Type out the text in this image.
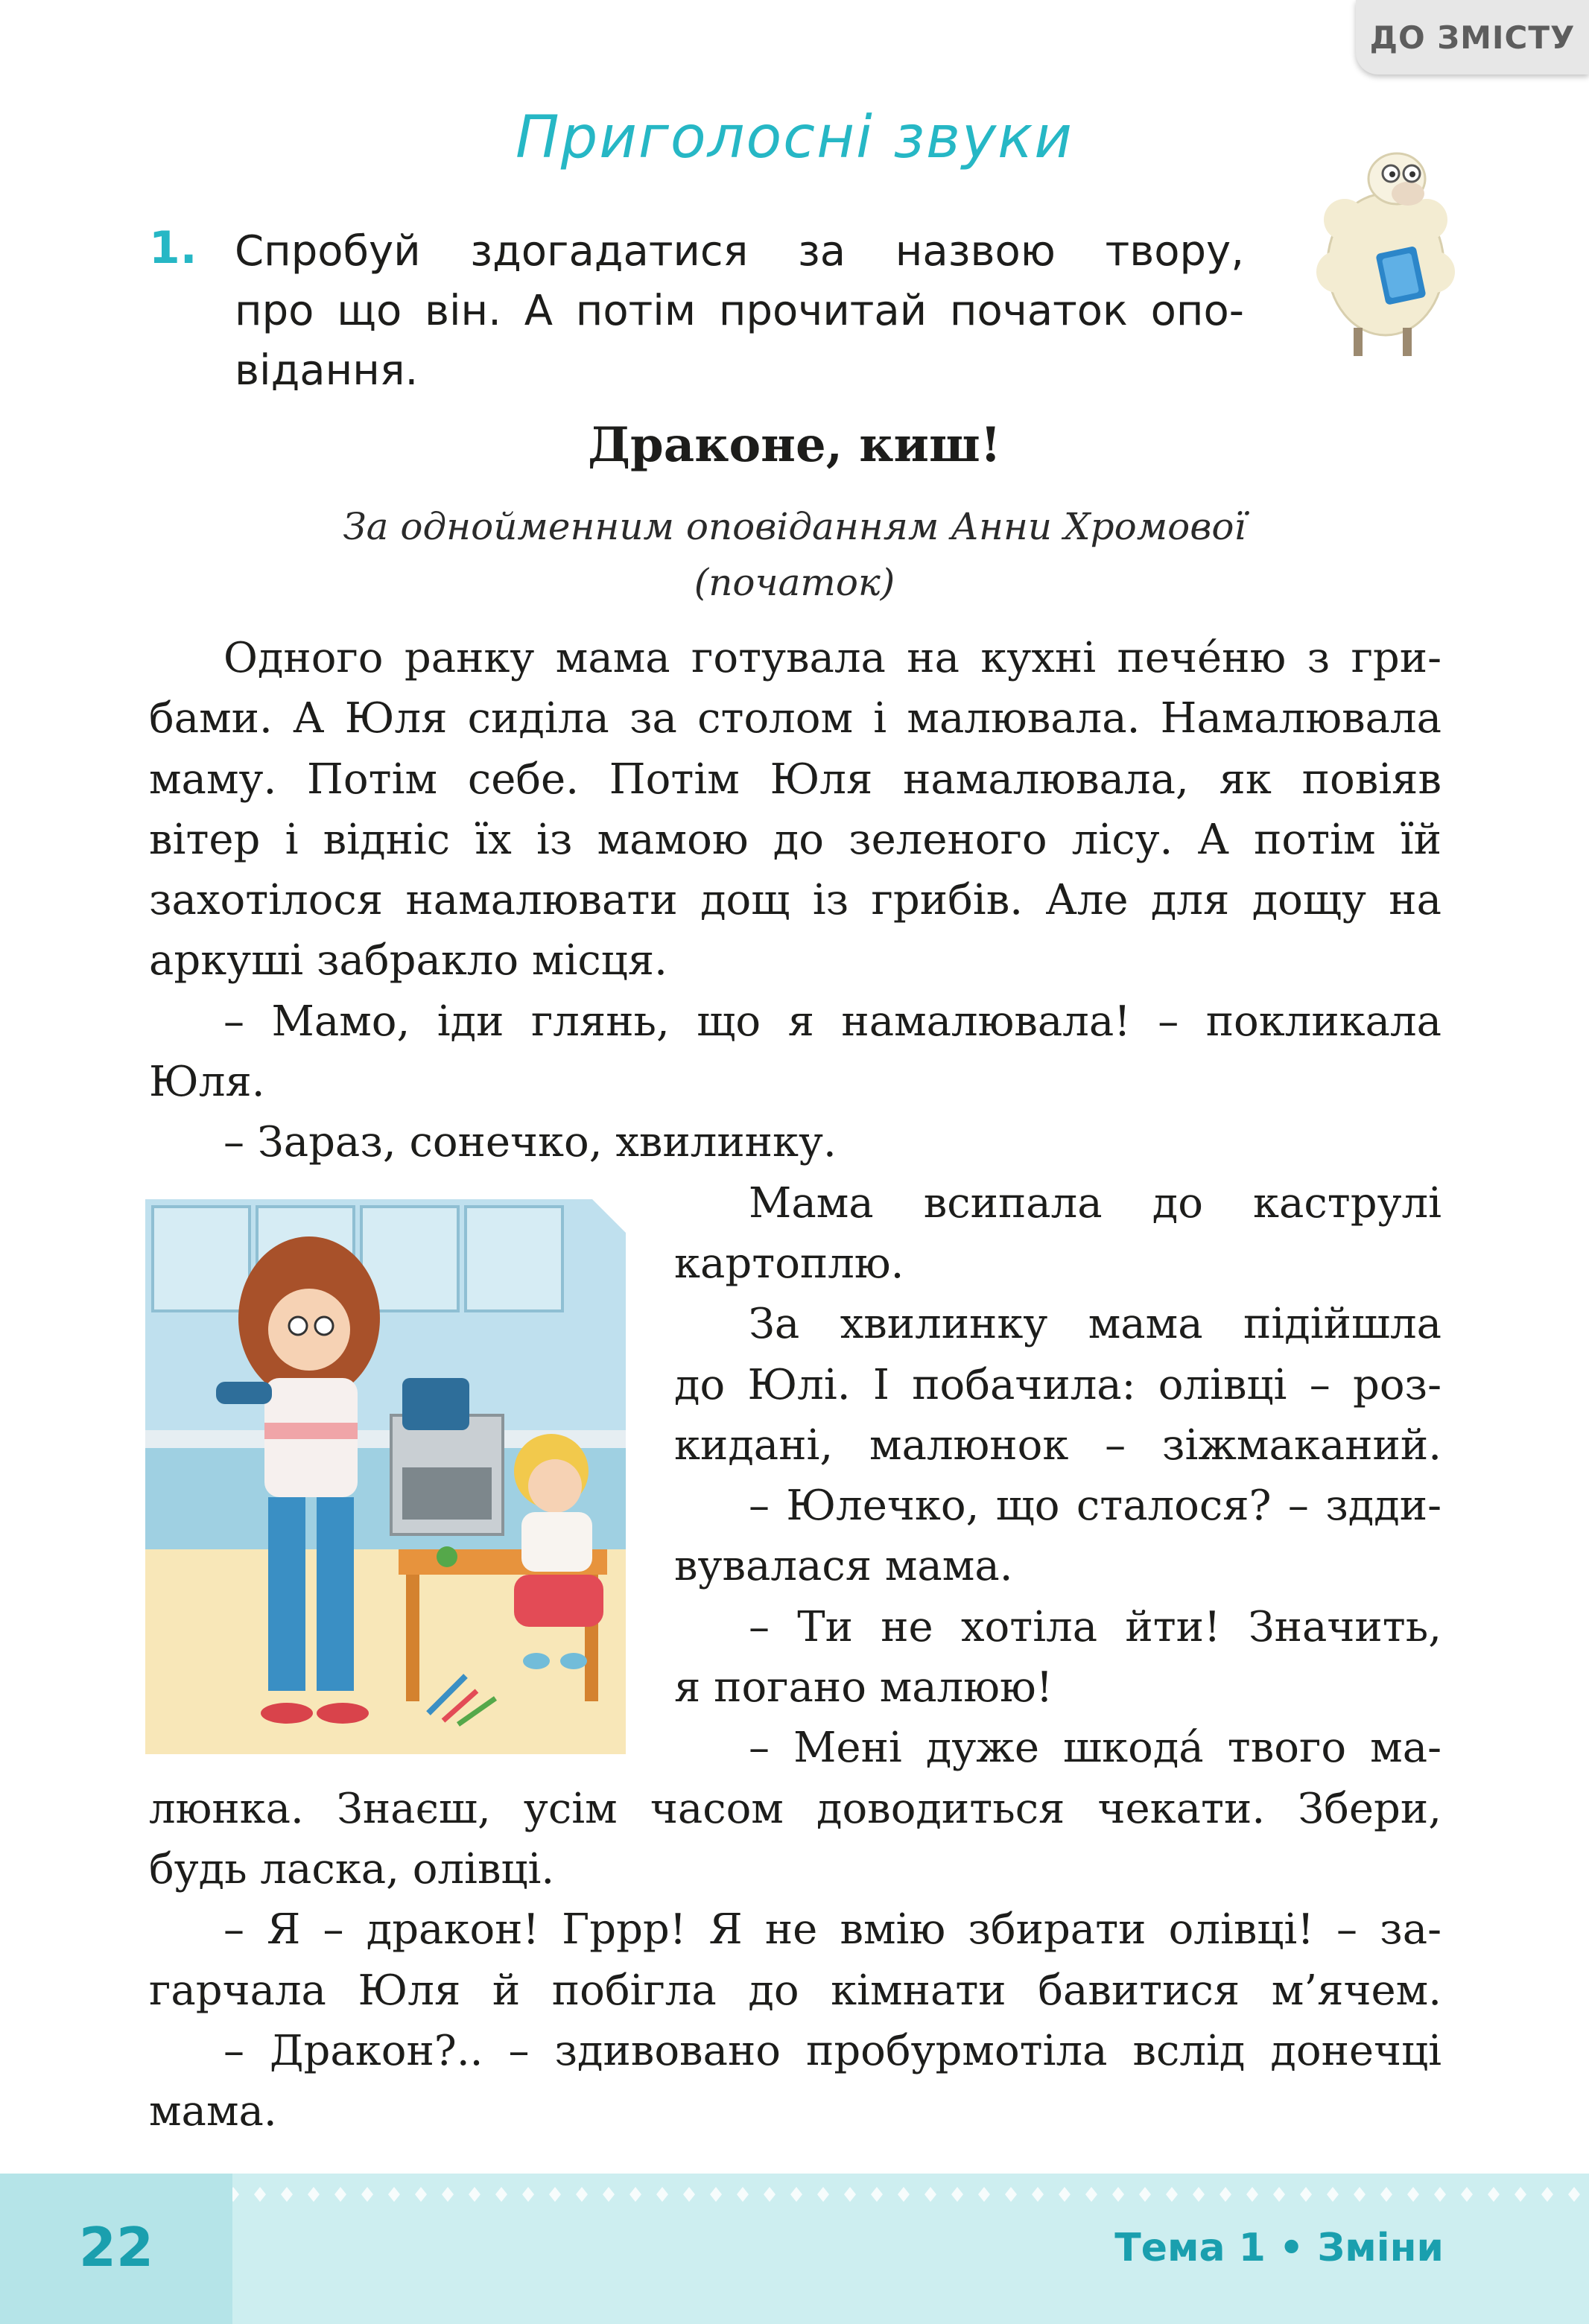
ДО ЗМІСТУ
Приголосні звуки
1. Спробуй здогадатися за назвою твору,
про що він. А потім прочитай початок опо-
відання.
Драконе, киш!
За однойменним оповіданням Анни Хромової
(початок)
Одного ранку мама готувала на кухні пече́ню з гри-
бами. А Юля сиділа за столом і малювала. Намалювала
маму. Потім себе. Потім Юля намалювала, як повіяв
вітер і відніс їх із мамою до зеленого лісу. А потім їй
захотілося намалювати дощ із грибів. Але для дощу на
аркуші забракло місця.
– Мамо, іди глянь, що я намалювала! – покликала
Юля.
– Зараз, сонечко, хвилинку.
Мама всипала до каструлі
картоплю.
За хвилинку мама підійшла
до Юлі. І побачила: олівці – роз-
кидані, малюнок – зіжмаканий.
– Юлечко, що сталося? – здди-
вувалася мама.
– Ти не хотіла йти! Значить,
я погано малюю!
– Мені дуже шкода́ твого ма-
люнка. Знаєш, усім часом доводиться чекати. Збери,
будь ласка, олівці.
– Я – дракон! Гррр! Я не вмію збирати олівці! – за-
гарчала Юля й побігла до кімнати бавитися м’ячем.
– Дракон?.. – здивовано пробурмотіла вслід донечці
мама.
22	Тема 1 • Зміни
